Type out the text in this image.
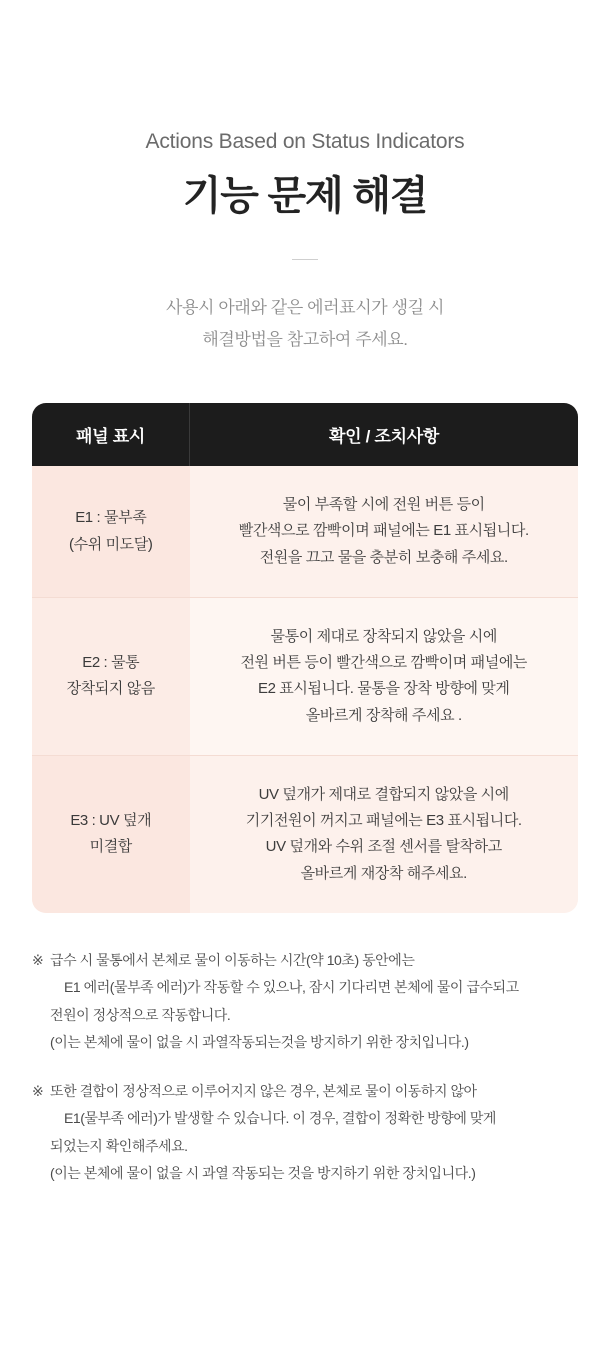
Actions Based on Status Indicators
기능 문제 해결
사용시 아래와 같은 에러표시가 생길 시
해결방법을 참고하여 주세요.
패널 표시	확인 / 조치사항

E1 : 물부족
(수위 미도달)	물이 부족할 시에 전원 버튼 등이
빨간색으로 깜빡이며 패널에는 E1 표시됩니다.
전원을 끄고 물을 충분히 보충해 주세요.

E2 : 물통
장착되지 않음	물통이 제대로 장착되지 않았을 시에
전원 버튼 등이 빨간색으로 깜빡이며 패널에는
E2 표시됩니다. 물통을 장착 방향에 맞게
올바르게 장착해 주세요 .

E3 : UV 덮개
미결합	UV 덮개가 제대로 결합되지 않았을 시에
기기전원이 꺼지고 패널에는 E3 표시됩니다.
UV 덮개와 수위 조절 센서를 탈착하고
올바르게 재장착 해주세요.
※ 급수 시 물통에서 본체로 물이 이동하는 시간(약 10초) 동안에는
E1 에러(물부족 에러)가 작동할 수 있으나, 잠시 기다리면 본체에 물이 급수되고
전원이 정상적으로 작동합니다.
(이는 본체에 물이 없을 시 과열작동되는것을 방지하기 위한 장치입니다.)
※ 또한 결합이 정상적으로 이루어지지 않은 경우, 본체로 물이 이동하지 않아
E1(물부족 에러)가 발생할 수 있습니다. 이 경우, 결합이 정확한 방향에 맞게
되었는지 확인해주세요.
(이는 본체에 물이 없을 시 과열 작동되는 것을 방지하기 위한 장치입니다.)
